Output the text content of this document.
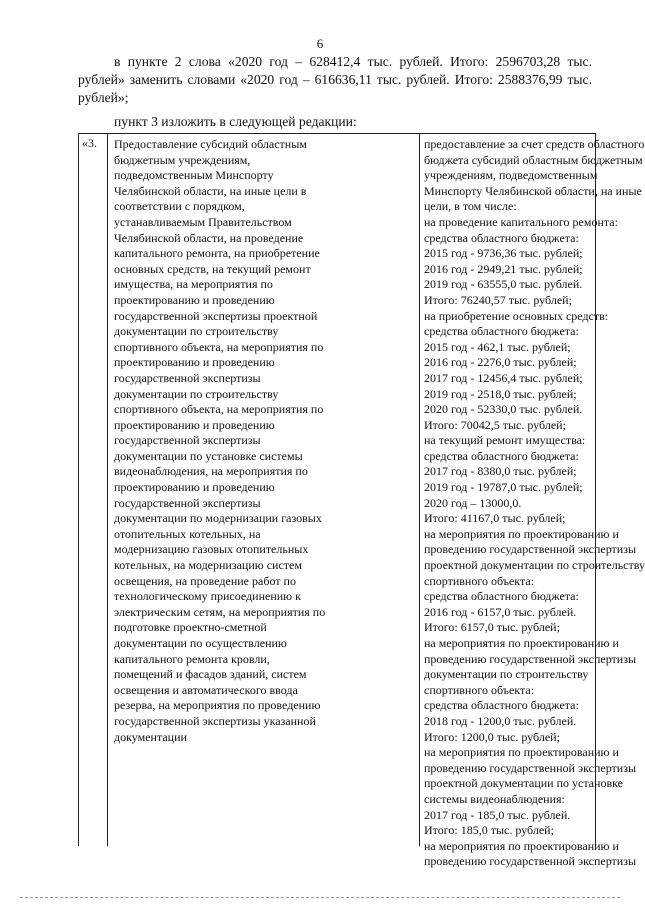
6

в пункте 2 слова «2020 год – 628412,4 тыс. рублей. Итого: 2596703,28 тыс. рублей» заменить словами «2020 год – 616636,11 тыс. рублей. Итого: 2588376,99 тыс. рублей»;

пункт 3 изложить в следующей редакции:

«3.	Предоставление субсидий областным
бюджетным учреждениям,
подведомственным Минспорту
Челябинской области, на иные цели в
соответствии с порядком,
устанавливаемым Правительством
Челябинской области, на проведение
капитального ремонта, на приобретение
основных средств, на текущий ремонт
имущества, на мероприятия по
проектированию и проведению
государственной экспертизы проектной
документации по строительству
спортивного объекта, на мероприятия по
проектированию и проведению
государственной экспертизы
документации по строительству
спортивного объекта, на мероприятия по
проектированию и проведению
государственной экспертизы
документации по установке системы
видеонаблюдения, на мероприятия по
проектированию и проведению
государственной экспертизы
документации по модернизации газовых
отопительных котельных, на
модернизацию газовых отопительных
котельных, на модернизацию систем
освещения, на проведение работ по
технологическому присоединению к
электрическим сетям, на мероприятия по
подготовке проектно-сметной
документации по осуществлению
капитального ремонта кровли,
помещений и фасадов зданий, систем
освещения и автоматического ввода
резерва, на мероприятия по проведению
государственной экспертизы указанной
документации
предоставление за счет средств областного
бюджета субсидий областным бюджетным
учреждениям, подведомственным
Минспорту Челябинской области, на иные
цели, в том числе:
на проведение капитального ремонта:
средства областного бюджета:
2015 год - 9736,36 тыс. рублей;
2016 год - 2949,21 тыс. рублей;
2019 год - 63555,0 тыс. рублей.
Итого: 76240,57 тыс. рублей;
на приобретение основных средств:
средства областного бюджета:
2015 год - 462,1 тыс. рублей;
2016 год - 2276,0 тыс. рублей;
2017 год - 12456,4 тыс. рублей;
2019 год - 2518,0 тыс. рублей;
2020 год - 52330,0 тыс. рублей.
Итого: 70042,5 тыс. рублей;
на текущий ремонт имущества:
средства областного бюджета:
2017 год - 8380,0 тыс. рублей;
2019 год - 19787,0 тыс. рублей;
2020 год – 13000,0.
Итого: 41167,0 тыс. рублей;
на мероприятия по проектированию и
проведению государственной экспертизы
проектной документации по строительству
спортивного объекта:
средства областного бюджета:
2016 год - 6157,0 тыс. рублей.
Итого: 6157,0 тыс. рублей;
на мероприятия по проектированию и
проведению государственной экспертизы
документации по строительству
спортивного объекта:
средства областного бюджета:
2018 год - 1200,0 тыс. рублей.
Итого: 1200,0 тыс. рублей;
на мероприятия по проектированию и
проведению государственной экспертизы
проектной документации по установке
системы видеонаблюдения:
2017 год - 185,0 тыс. рублей.
Итого: 185,0 тыс. рублей;
на мероприятия по проектированию и
проведению государственной экспертизы
